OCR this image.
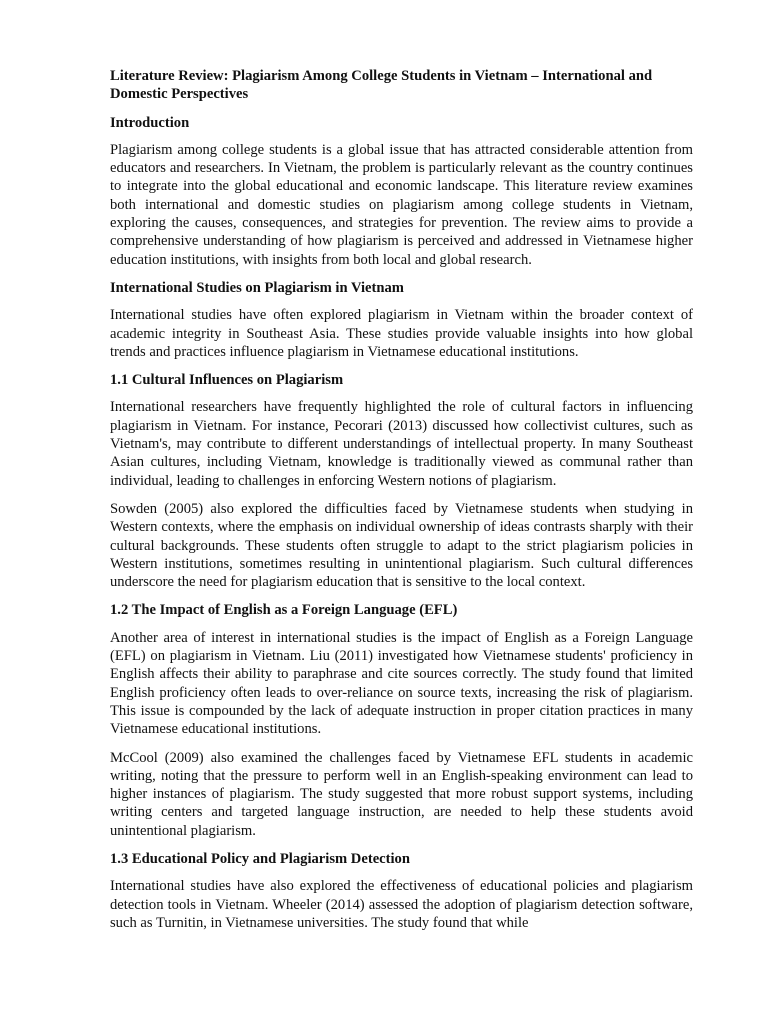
Literature Review: Plagiarism Among College Students in Vietnam – International and Domestic Perspectives
Introduction
Plagiarism among college students is a global issue that has attracted considerable attention from educators and researchers. In Vietnam, the problem is particularly relevant as the country continues to integrate into the global educational and economic landscape. This literature review examines both international and domestic studies on plagiarism among college students in Vietnam, exploring the causes, consequences, and strategies for prevention. The review aims to provide a comprehensive understanding of how plagiarism is perceived and addressed in Vietnamese higher education institutions, with insights from both local and global research.
International Studies on Plagiarism in Vietnam
International studies have often explored plagiarism in Vietnam within the broader context of academic integrity in Southeast Asia. These studies provide valuable insights into how global trends and practices influence plagiarism in Vietnamese educational institutions.
1.1 Cultural Influences on Plagiarism
International researchers have frequently highlighted the role of cultural factors in influencing plagiarism in Vietnam. For instance, Pecorari (2013) discussed how collectivist cultures, such as Vietnam's, may contribute to different understandings of intellectual property. In many Southeast Asian cultures, including Vietnam, knowledge is traditionally viewed as communal rather than individual, leading to challenges in enforcing Western notions of plagiarism.
Sowden (2005) also explored the difficulties faced by Vietnamese students when studying in Western contexts, where the emphasis on individual ownership of ideas contrasts sharply with their cultural backgrounds. These students often struggle to adapt to the strict plagiarism policies in Western institutions, sometimes resulting in unintentional plagiarism. Such cultural differences underscore the need for plagiarism education that is sensitive to the local context.
1.2 The Impact of English as a Foreign Language (EFL)
Another area of interest in international studies is the impact of English as a Foreign Language (EFL) on plagiarism in Vietnam. Liu (2011) investigated how Vietnamese students' proficiency in English affects their ability to paraphrase and cite sources correctly. The study found that limited English proficiency often leads to over-reliance on source texts, increasing the risk of plagiarism. This issue is compounded by the lack of adequate instruction in proper citation practices in many Vietnamese educational institutions.
McCool (2009) also examined the challenges faced by Vietnamese EFL students in academic writing, noting that the pressure to perform well in an English-speaking environment can lead to higher instances of plagiarism. The study suggested that more robust support systems, including writing centers and targeted language instruction, are needed to help these students avoid unintentional plagiarism.
1.3 Educational Policy and Plagiarism Detection
International studies have also explored the effectiveness of educational policies and plagiarism detection tools in Vietnam. Wheeler (2014) assessed the adoption of plagiarism detection software, such as Turnitin, in Vietnamese universities. The study found that while
